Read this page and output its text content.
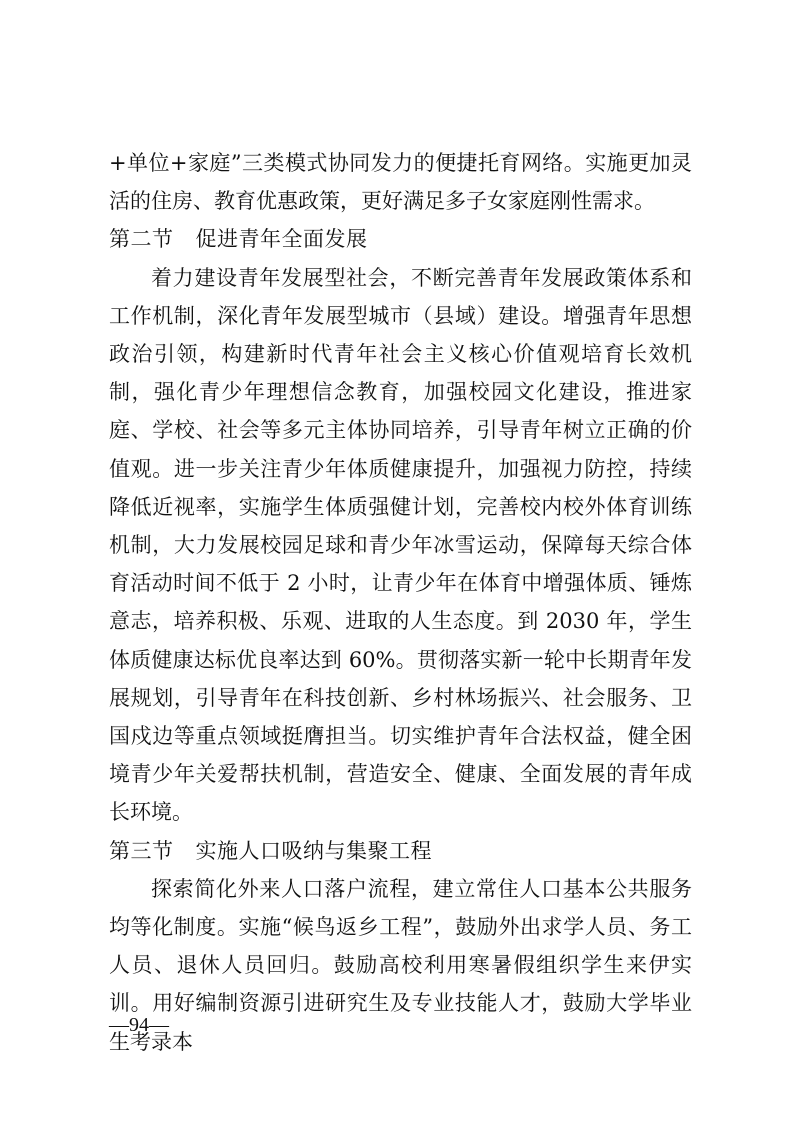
+单位+家庭”三类模式协同发力的便捷托育网络。实施更加灵活的住房、教育优惠政策，更好满足多子女家庭刚性需求。

第二节 促进青年全面发展

着力建设青年发展型社会，不断完善青年发展政策体系和工作机制，深化青年发展型城市（县域）建设。增强青年思想政治引领，构建新时代青年社会主义核心价值观培育长效机制，强化青少年理想信念教育，加强校园文化建设，推进家庭、学校、社会等多元主体协同培养，引导青年树立正确的价值观。进一步关注青少年体质健康提升，加强视力防控，持续降低近视率，实施学生体质强健计划，完善校内校外体育训练机制，大力发展校园足球和青少年冰雪运动，保障每天综合体育活动时间不低于 2 小时，让青少年在体育中增强体质、锤炼意志，培养积极、乐观、进取的人生态度。到 2030 年，学生体质健康达标优良率达到 60%。贯彻落实新一轮中长期青年发展规划，引导青年在科技创新、乡村林场振兴、社会服务、卫国戍边等重点领域挺膺担当。切实维护青年合法权益，健全困境青少年关爱帮扶机制，营造安全、健康、全面发展的青年成长环境。

第三节 实施人口吸纳与集聚工程

探索简化外来人口落户流程，建立常住人口基本公共服务均等化制度。实施“候鸟返乡工程”，鼓励外出求学人员、务工人员、退休人员回归。鼓励高校利用寒暑假组织学生来伊实训。用好编制资源引进研究生及专业技能人才，鼓励大学毕业生考录本

—94—
